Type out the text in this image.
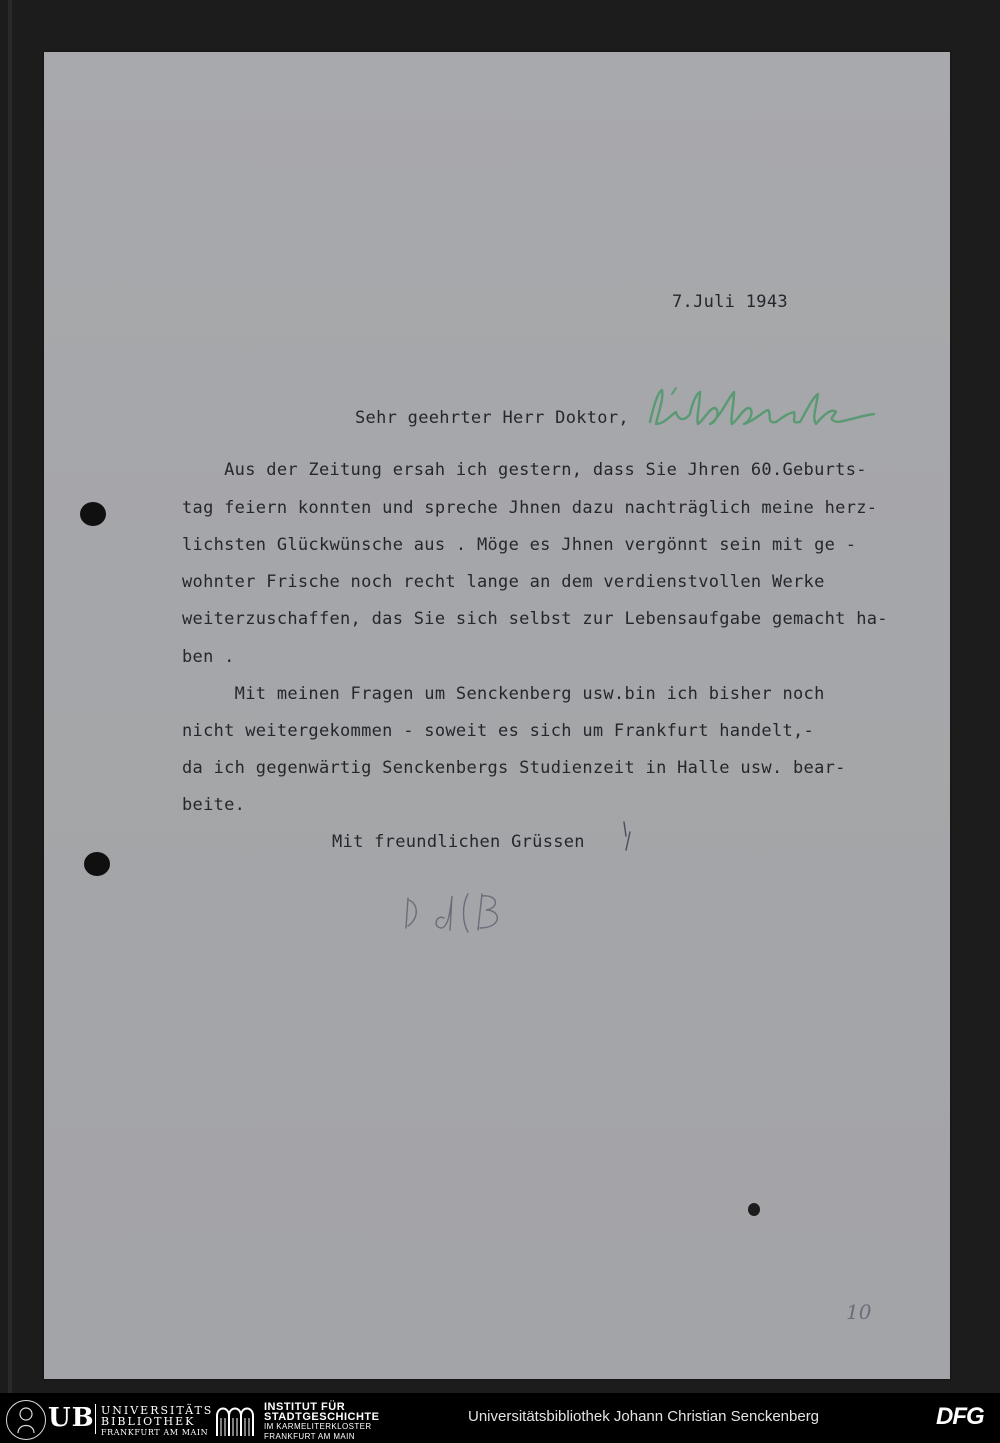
7.Juli 1943
Sehr geehrter Herr Doktor,
Aus der Zeitung ersah ich gestern, dass Sie Jhren 60.Geburts-
tag feiern konnten und spreche Jhnen dazu nachträglich meine herz-
lichsten Glückwünsche aus . Möge es Jhnen vergönnt sein mit ge -
wohnter Frische noch recht lange an dem verdienstvollen Werke
weiterzuschaffen, das Sie sich selbst zur Lebensaufgabe gemacht ha-
ben .
Mit meinen Fragen um Senckenberg usw.bin ich bisher noch
nicht weitergekommen - soweit es sich um Frankfurt handelt,-
da ich gegenwärtig Senckenbergs Studienzeit in Halle usw. bear-
beite.
Mit freundlichen Grüssen
10
UB UNIVERSITÄTS
BIBLIOTHEK
FRANKFURT AM MAIN
INSTITUT FÜR
STADTGESCHICHTE
IM KARMELITERKLOSTER
FRANKFURT AM MAIN
Universitätsbibliothek Johann Christian Senckenberg	DFG
